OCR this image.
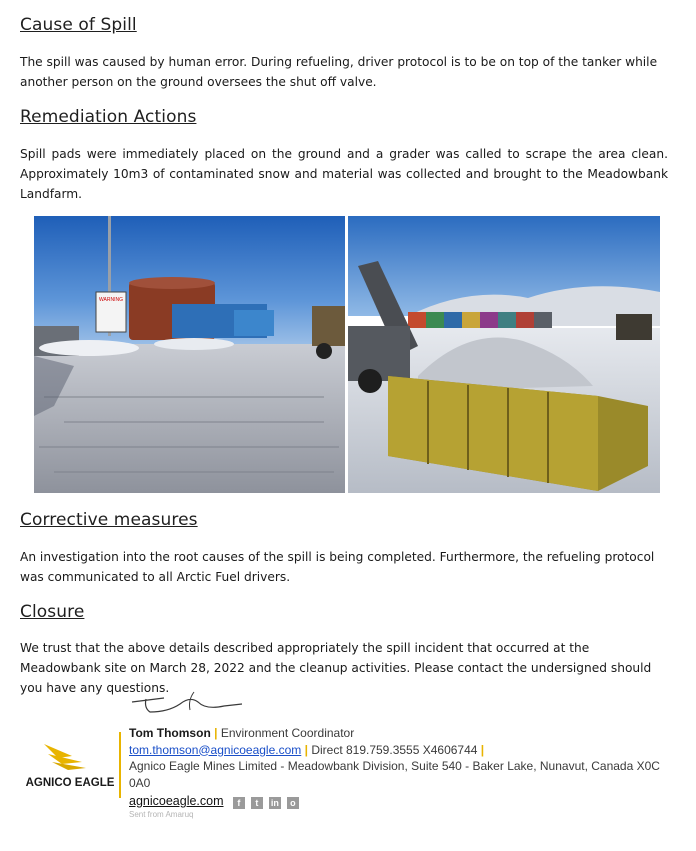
Cause of Spill

The spill was caused by human error. During refueling, driver protocol is to be on top of the tanker while another person on the ground oversees the shut off valve.

Remediation Actions

Spill pads were immediately placed on the ground and a grader was called to scrape the area clean. Approximately 10m3 of contaminated snow and material was collected and brought to the Meadowbank Landfarm.

WARNING
Corrective measures

An investigation into the root causes of the spill is being completed. Furthermore, the refueling protocol was communicated to all Arctic Fuel drivers.

Closure

We trust that the above details described appropriately the spill incident that occurred at the Meadowbank site on March 28, 2022 and the cleanup activities. Please contact the undersigned should you have any questions.

AGNICO EAGLE
Tom Thomson | Environment Coordinator
tom.thomson@agnicoeagle.com | Direct 819.759.3555 X4606744 |
Agnico Eagle Mines Limited - Meadowbank Division, Suite 540 - Baker Lake, Nunavut, Canada X0C 0A0
agnicoeagle.com f t in o
Sent from Amaruq
